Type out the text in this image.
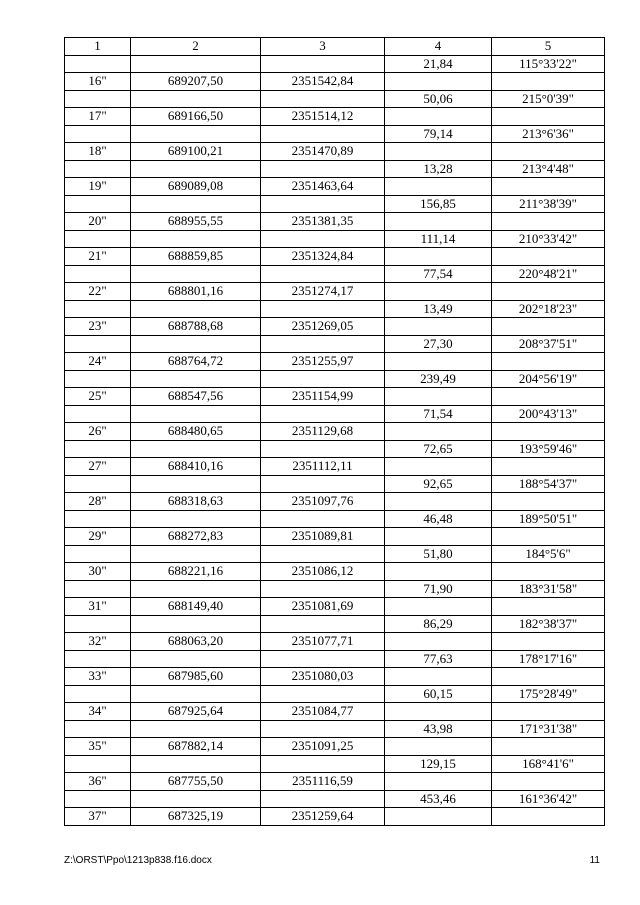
1	2	3	4	5
			21,84	115°33'22"
16"	689207,50	2351542,84		
			50,06	215°0'39"
17"	689166,50	2351514,12		
			79,14	213°6'36"
18"	689100,21	2351470,89		
			13,28	213°4'48"
19"	689089,08	2351463,64		
			156,85	211°38'39"
20"	688955,55	2351381,35		
			111,14	210°33'42"
21"	688859,85	2351324,84		
			77,54	220°48'21"
22"	688801,16	2351274,17		
			13,49	202°18'23"
23"	688788,68	2351269,05		
			27,30	208°37'51"
24"	688764,72	2351255,97		
			239,49	204°56'19"
25"	688547,56	2351154,99		
			71,54	200°43'13"
26"	688480,65	2351129,68		
			72,65	193°59'46"
27"	688410,16	2351112,11		
			92,65	188°54'37"
28"	688318,63	2351097,76		
			46,48	189°50'51"
29"	688272,83	2351089,81		
			51,80	184°5'6"
30"	688221,16	2351086,12		
			71,90	183°31'58"
31"	688149,40	2351081,69		
			86,29	182°38'37"
32"	688063,20	2351077,71		
			77,63	178°17'16"
33"	687985,60	2351080,03		
			60,15	175°28'49"
34"	687925,64	2351084,77		
			43,98	171°31'38"
35"	687882,14	2351091,25		
			129,15	168°41'6"
36"	687755,50	2351116,59		
			453,46	161°36'42"
37"	687325,19	2351259,64		
Z:\ORST\Ppo\1213p838.f16.docx	11
